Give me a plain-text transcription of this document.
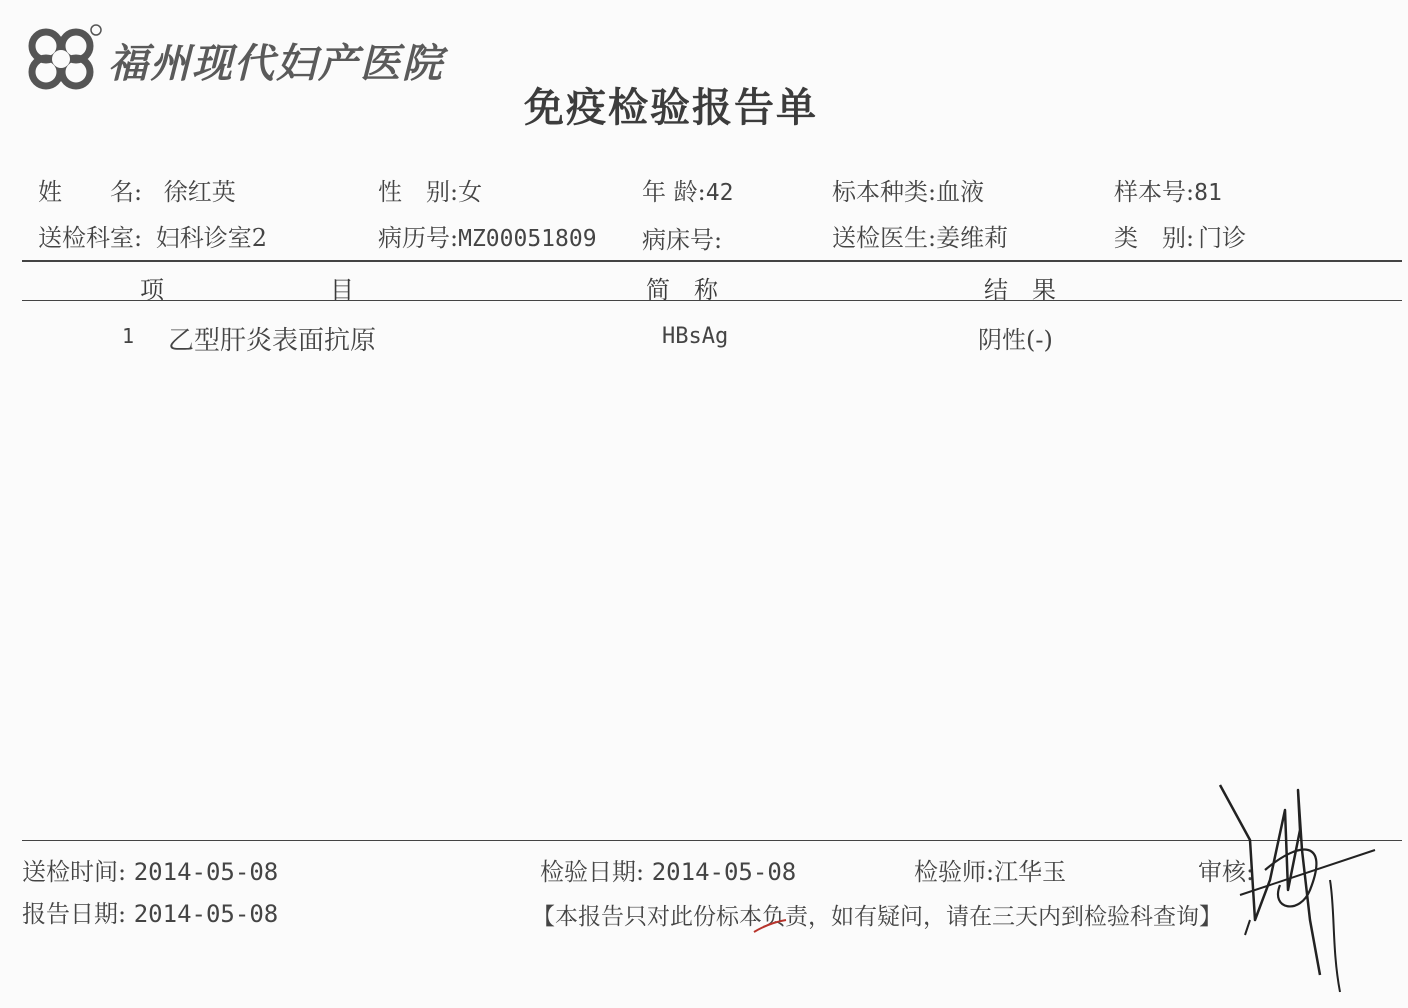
福州现代妇产医院
免疫检验报告单
姓　　名: 徐红英	性　别:女	年 龄:42	标本种类:血液	样本号:81
送检科室: 妇科诊室2	病历号:MZ00051809 病床号:	送检医生:姜维莉	类　别: 门诊
项	目	简　称	结　果
1 乙型肝炎表面抗原	HBsAg	阴性(-)
送检时间: 2014-05-08
报告日期: 2014-05-08
检验日期: 2014-05-08	检验师:江华玉	审核:
【本报告只对此份标本负责，如有疑问，请在三天内到检验科查询】
